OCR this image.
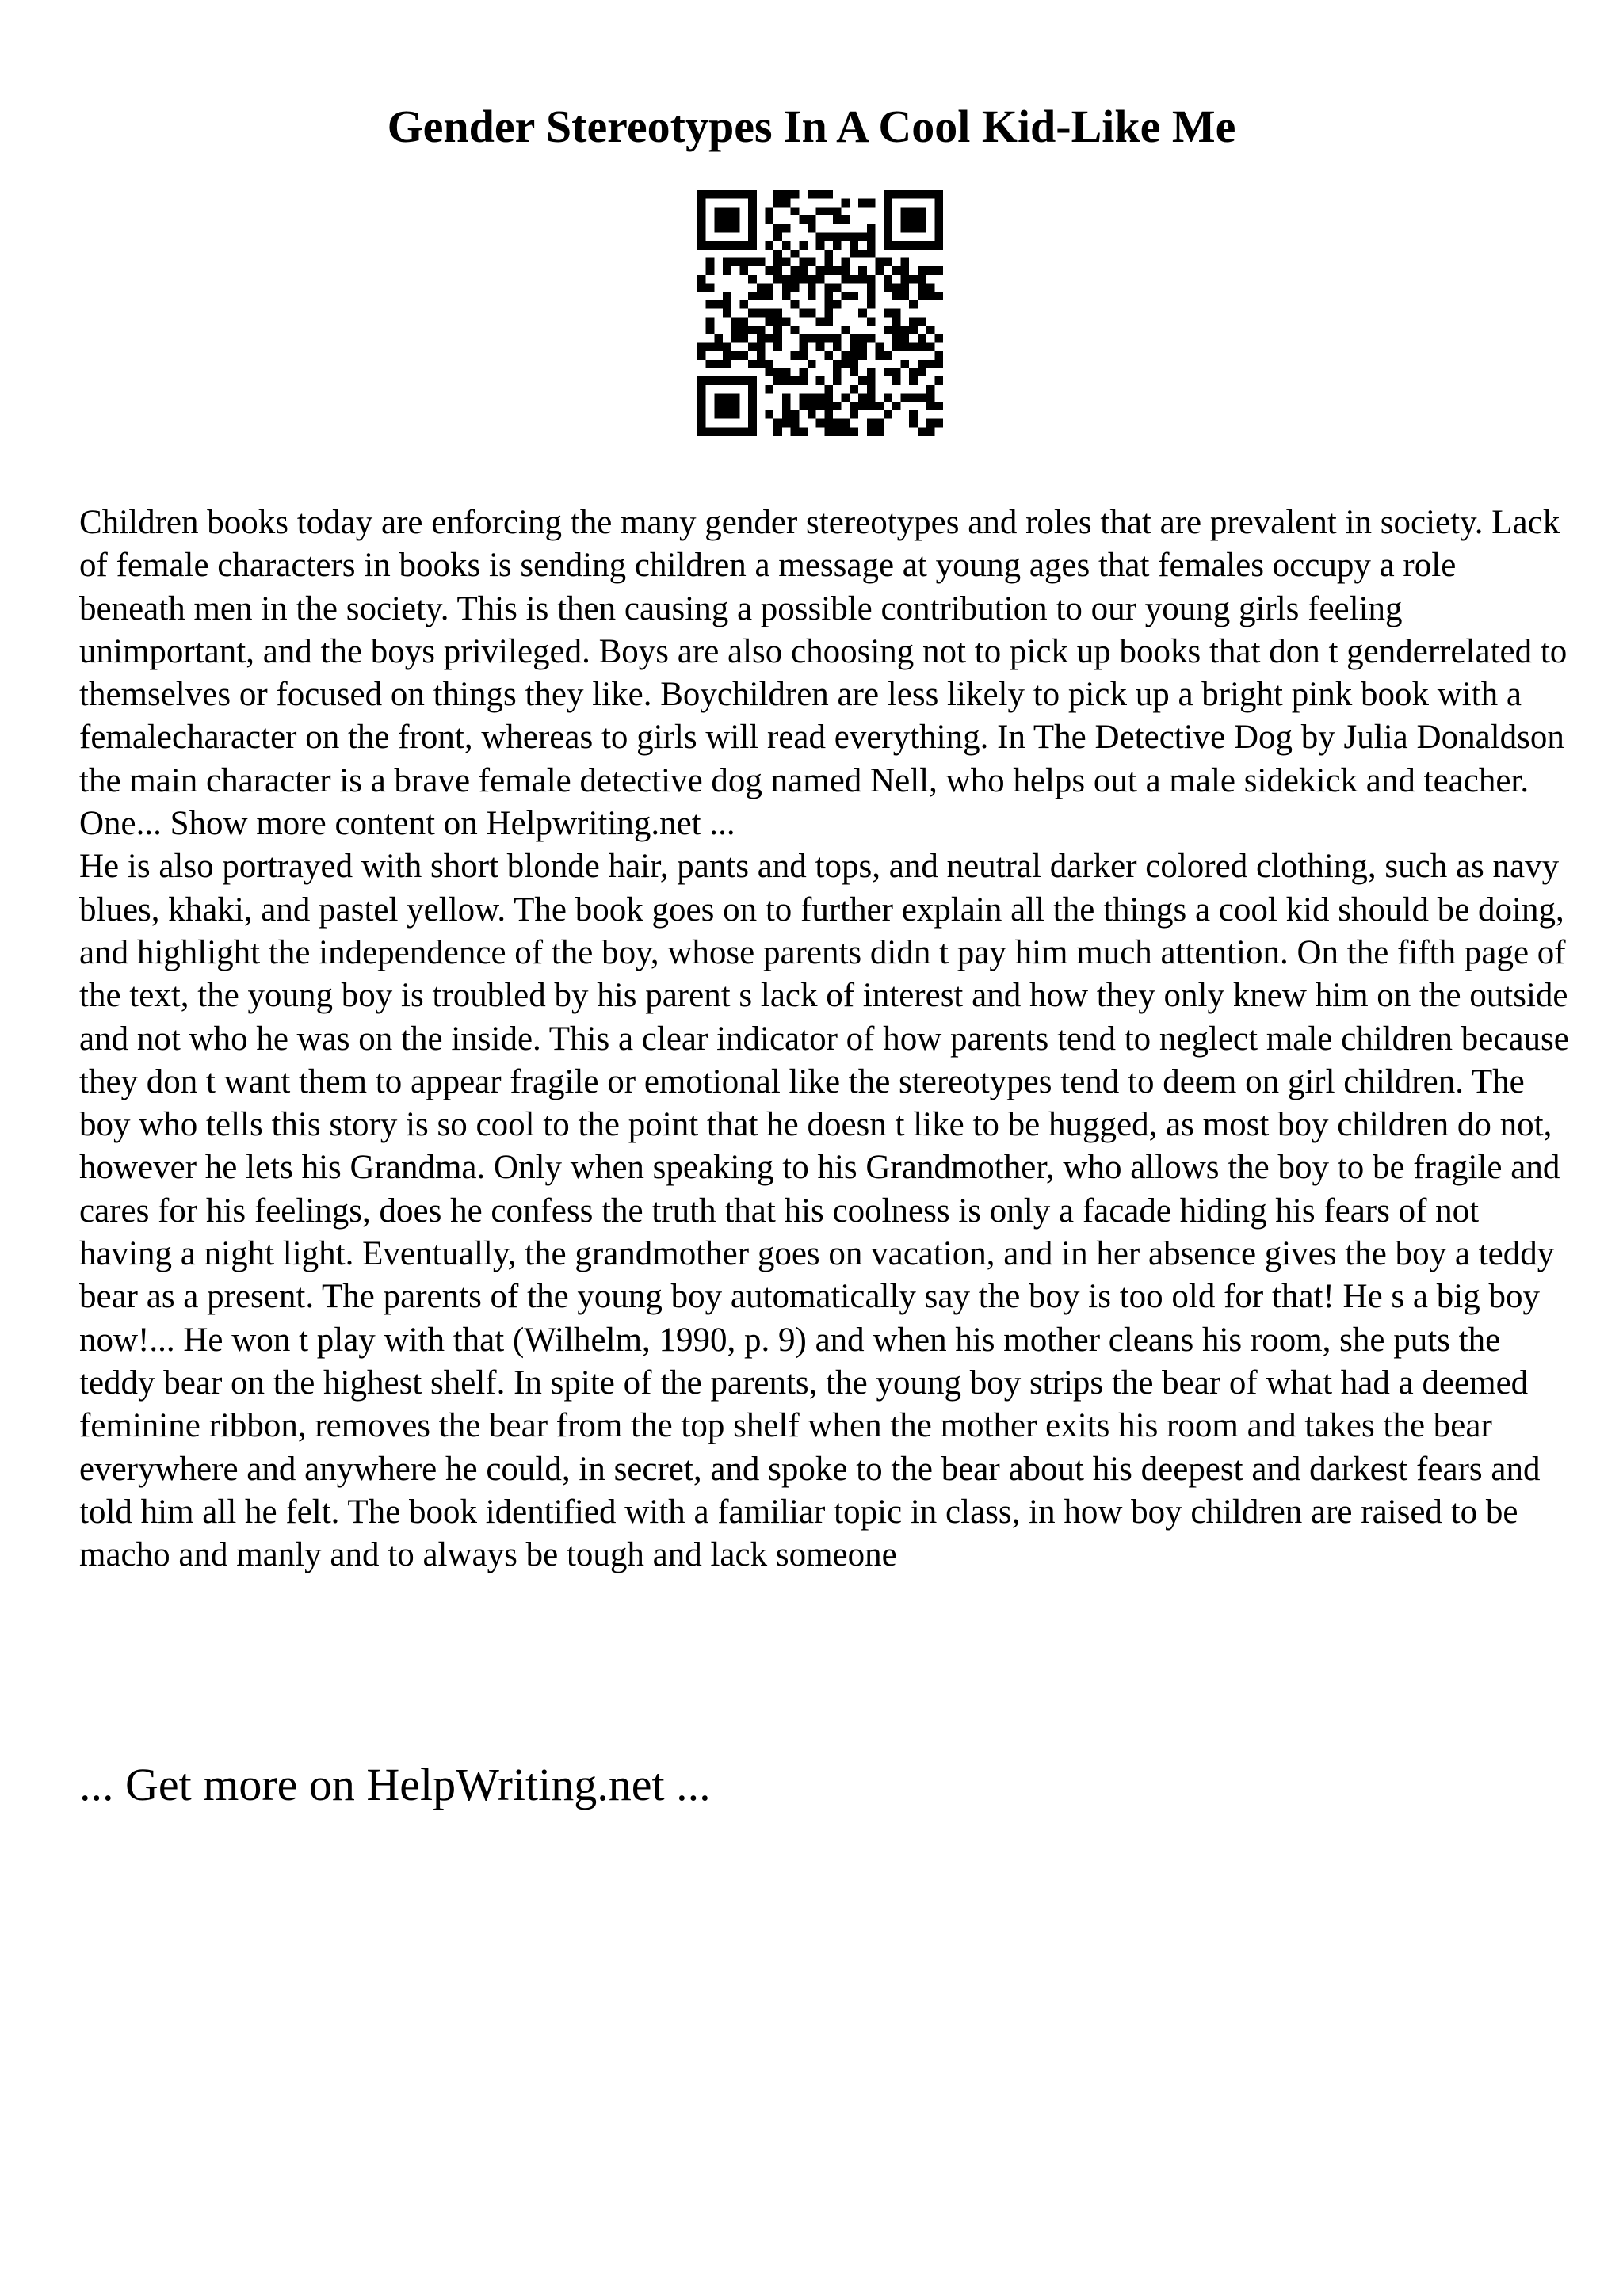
Gender Stereotypes In A Cool Kid-Like Me

Children books today are enforcing the many gender stereotypes and roles that are prevalent in society. Lack of female characters in books is sending children a message at young ages that females occupy a role beneath men in the society. This is then causing a possible contribution to our young girls feeling unimportant, and the boys privileged. Boys are also choosing not to pick up books that don t genderrelated to themselves or focused on things they like. Boychildren are less likely to pick up a bright pink book with a femalecharacter on the front, whereas to girls will read everything. In The Detective Dog by Julia Donaldson the main character is a brave female detective dog named Nell, who helps out a male sidekick and teacher. One... Show more content on Helpwriting.net ...

He is also portrayed with short blonde hair, pants and tops, and neutral darker colored clothing, such as navy blues, khaki, and pastel yellow. The book goes on to further explain all the things a cool kid should be doing, and highlight the independence of the boy, whose parents didn t pay him much attention. On the fifth page of the text, the young boy is troubled by his parent s lack of interest and how they only knew him on the outside and not who he was on the inside. This a clear indicator of how parents tend to neglect male children because they don t want them to appear fragile or emotional like the stereotypes tend to deem on girl children. The boy who tells this story is so cool to the point that he doesn t like to be hugged, as most boy children do not, however he lets his Grandma. Only when speaking to his Grandmother, who allows the boy to be fragile and cares for his feelings, does he confess the truth that his coolness is only a facade hiding his fears of not having a night light. Eventually, the grandmother goes on vacation, and in her absence gives the boy a teddy bear as a present. The parents of the young boy automatically say the boy is too old for that! He s a big boy now!... He won t play with that (Wilhelm, 1990, p. 9) and when his mother cleans his room, she puts the teddy bear on the highest shelf. In spite of the parents, the young boy strips the bear of what had a deemed feminine ribbon, removes the bear from the top shelf when the mother exits his room and takes the bear everywhere and anywhere he could, in secret, and spoke to the bear about his deepest and darkest fears and told him all he felt. The book identified with a familiar topic in class, in how boy children are raised to be macho and manly and to always be tough and lack someone

... Get more on HelpWriting.net ...
